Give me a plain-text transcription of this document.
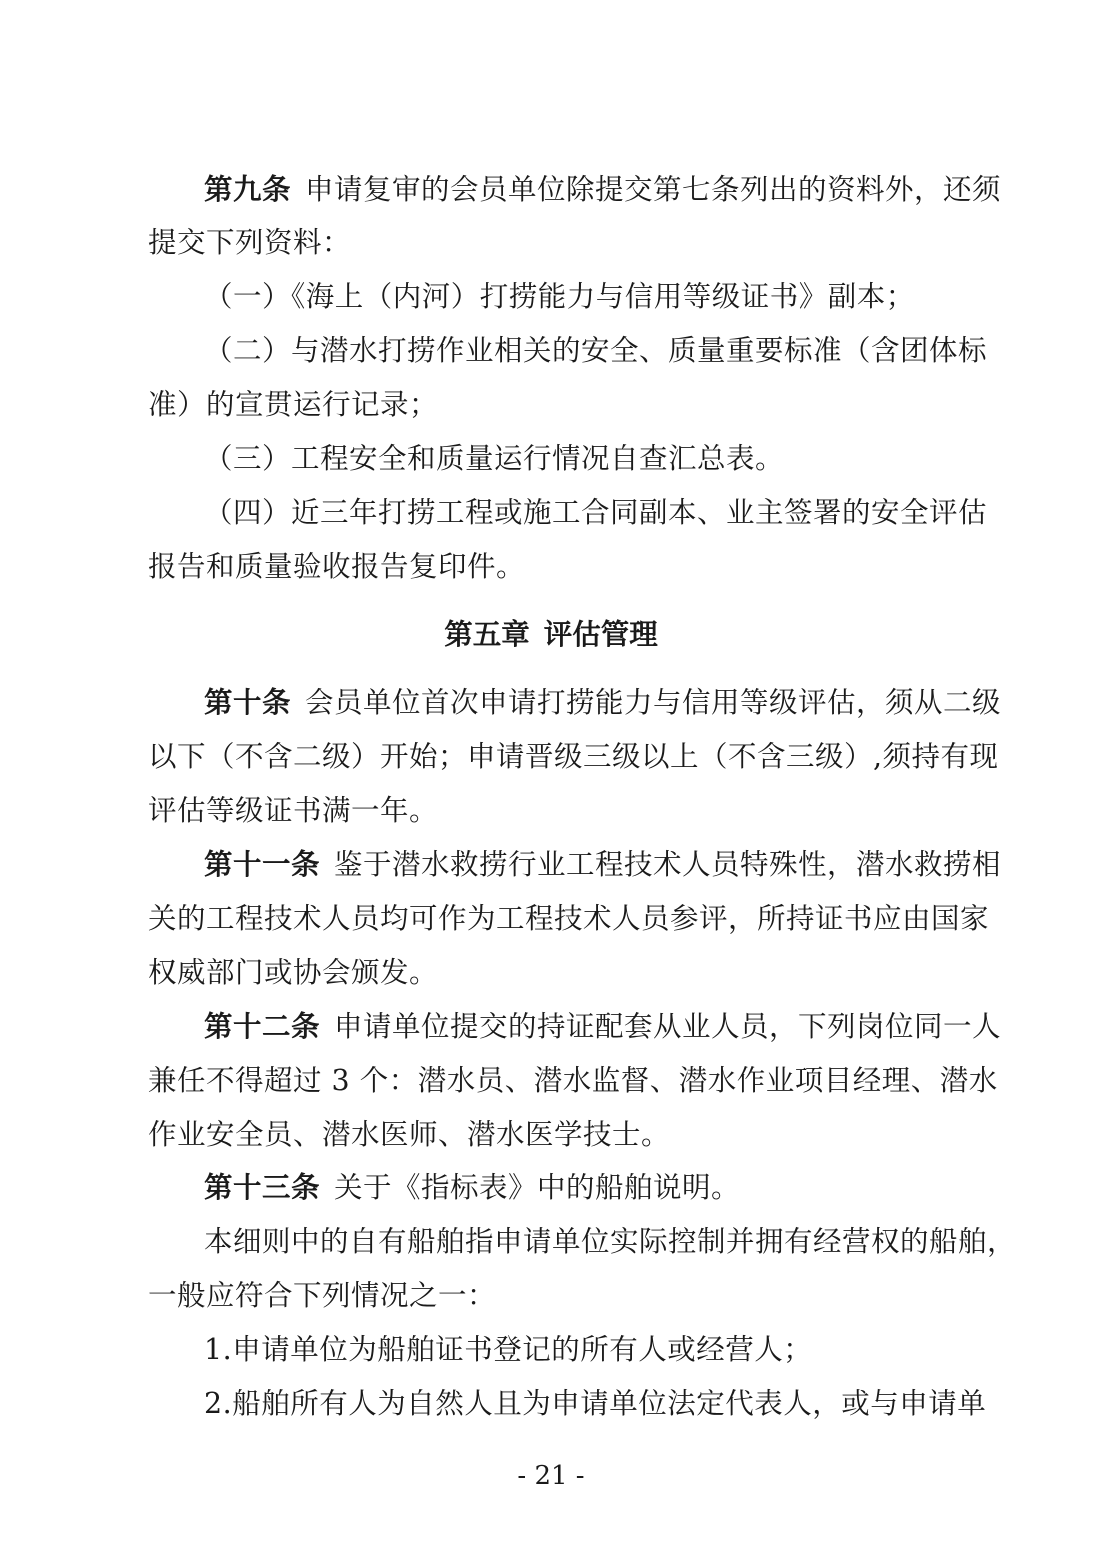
第九条 申请复审的会员单位除提交第七条列出的资料外，还须
提交下列资料：
（一）《海上（内河）打捞能力与信用等级证书》副本；
（二）与潜水打捞作业相关的安全、质量重要标准（含团体标
准）的宣贯运行记录；
（三）工程安全和质量运行情况自查汇总表。
（四）近三年打捞工程或施工合同副本、业主签署的安全评估
报告和质量验收报告复印件。
第五章 评估管理
第十条 会员单位首次申请打捞能力与信用等级评估，须从二级
以下（不含二级）开始；申请晋级三级以上（不含三级）,须持有现
评估等级证书满一年。
第十一条 鉴于潜水救捞行业工程技术人员特殊性，潜水救捞相
关的工程技术人员均可作为工程技术人员参评，所持证书应由国家
权威部门或协会颁发。
第十二条 申请单位提交的持证配套从业人员，下列岗位同一人
兼任不得超过 3 个：潜水员、潜水监督、潜水作业项目经理、潜水
作业安全员、潜水医师、潜水医学技士。
第十三条 关于《指标表》中的船舶说明。
本细则中的自有船舶指申请单位实际控制并拥有经营权的船舶，
一般应符合下列情况之一：
1.申请单位为船舶证书登记的所有人或经营人；
2.船舶所有人为自然人且为申请单位法定代表人，或与申请单
- 21 -
